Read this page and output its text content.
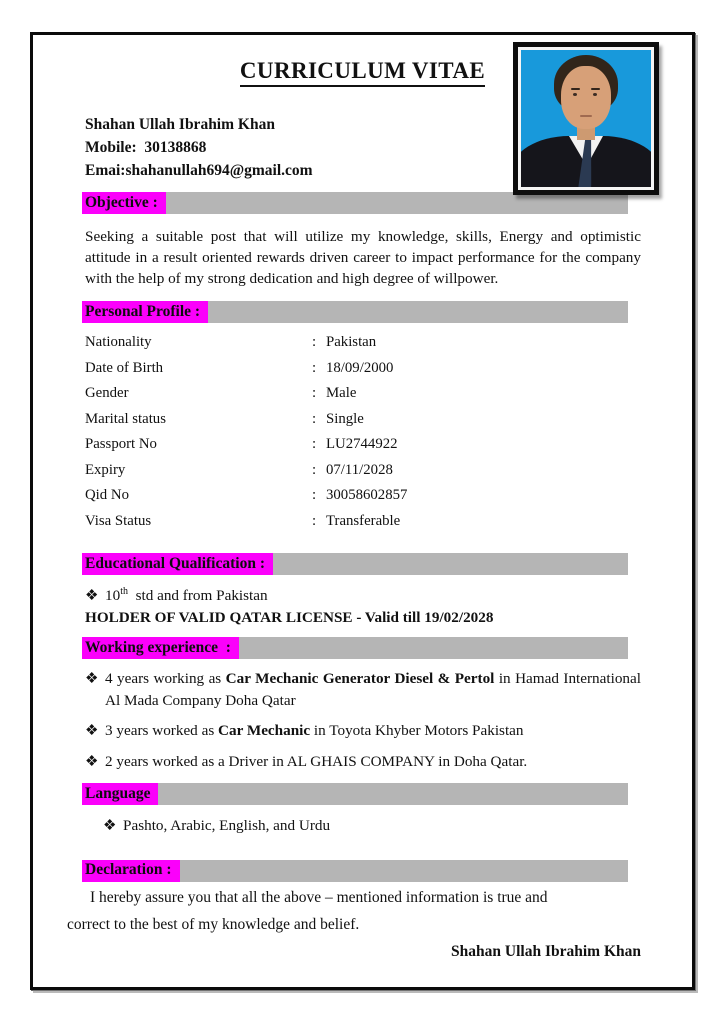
CURRICULUM VITAE
Shahan Ullah Ibrahim Khan
Mobile:  30138868
Emai:shahanullah694@gmail.com
Objective :
Seeking a suitable post that will utilize my knowledge, skills, Energy and optimistic attitude in a result oriented rewards driven career to impact performance for the company with the help of my strong dedication and high degree of willpower.
Personal Profile :
Nationality	: Pakistan
Date of Birth	: 18/09/2000
Gender	: Male
Marital status	: Single
Passport No	: LU2744922
Expiry	: 07/11/2028
Qid No	: 30058602857
Visa Status	: Transferable
Educational Qualification :
❖ 10th  std and from Pakistan
HOLDER OF VALID QATAR LICENSE - Valid till 19/02/2028
Working experience  :
❖ 4 years working as Car Mechanic Generator Diesel & Pertol in Hamad International Al Mada Company Doha Qatar
❖ 3 years worked as Car Mechanic in Toyota Khyber Motors Pakistan
❖ 2 years worked as a Driver in AL GHAIS COMPANY in Doha Qatar.
Language
❖ Pashto, Arabic, English, and Urdu
Declaration :
I hereby assure you that all the above – mentioned information is true and
correct to the best of my knowledge and belief.
Shahan Ullah Ibrahim Khan
